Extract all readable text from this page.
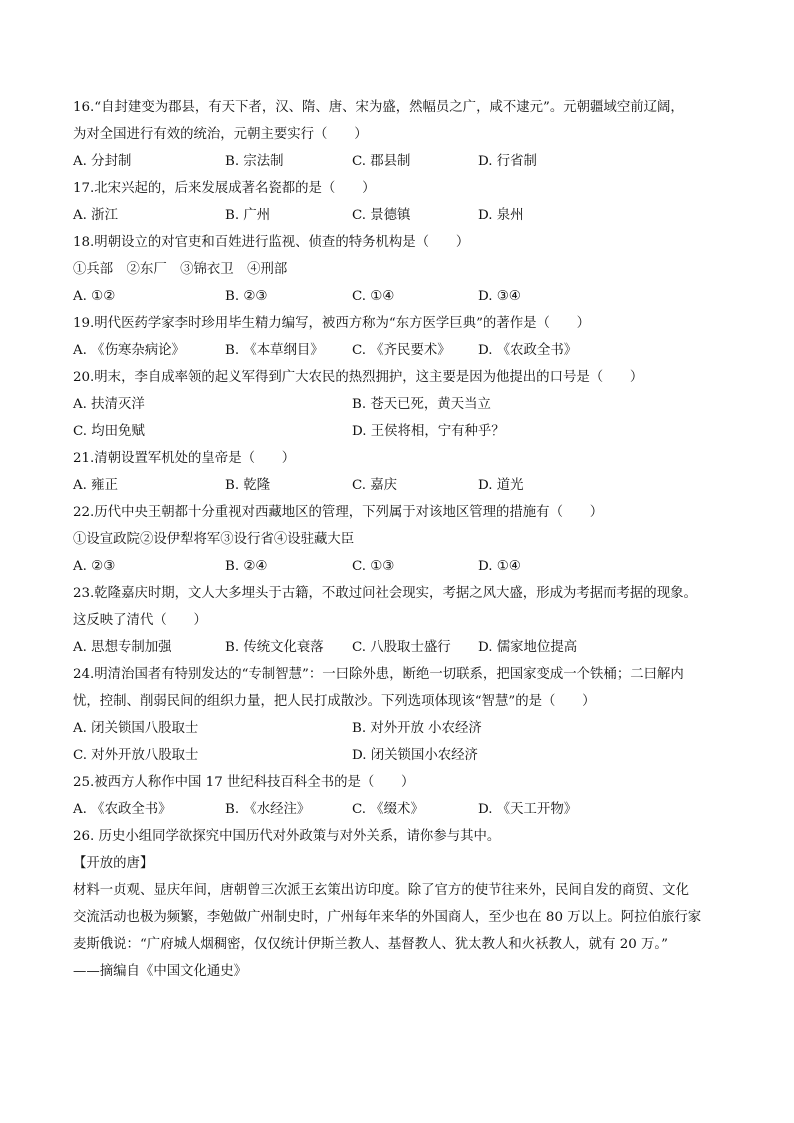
16.“自封建变为郡县，有天下者，汉、隋、唐、宋为盛，然幅员之广，咸不逮元”。元朝疆域空前辽阔，
为对全国进行有效的统治，元朝主要实行（　　）
A. 分封制	B. 宗法制	C. 郡县制	D. 行省制
17.北宋兴起的，后来发展成著名瓷都的是（　　）
A. 浙江	B. 广州	C. 景德镇	D. 泉州
18.明朝设立的对官吏和百姓进行监视、侦查的特务机构是（　　）
①兵部　②东厂　③锦衣卫　④刑部
A. ①②	B. ②③	C. ①④	D. ③④
19.明代医药学家李时珍用毕生精力编写，被西方称为“东方医学巨典”的著作是（　　）
A. 《伤寒杂病论》	B. 《本草纲目》 C. 《齐民要术》 D. 《农政全书》
20.明末，李自成率领的起义军得到广大农民的热烈拥护，这主要是因为他提出的口号是（　　）
A. 扶清灭洋	B. 苍天已死，黄天当立
C. 均田免赋	D. 王侯将相，宁有种乎？
21.清朝设置军机处的皇帝是（　　）
A. 雍正	B. 乾隆	C. 嘉庆	D. 道光
22.历代中央王朝都十分重视对西藏地区的管理，下列属于对该地区管理的措施有（　　）
①设宣政院②设伊犁将军③设行省④设驻藏大臣
A. ②③	B. ②④	C. ①③	D. ①④
23.乾隆嘉庆时期，文人大多埋头于古籍，不敢过问社会现实，考据之风大盛，形成为考据而考据的现象。
这反映了清代（　　）
A. 思想专制加强	B. 传统文化衰落 C. 八股取士盛行 D. 儒家地位提高
24.明清治国者有特别发达的“专制智慧”：一曰除外患，断绝一切联系，把国家变成一个铁桶；二曰解内
忧，控制、削弱民间的组织力量，把人民打成散沙。下列选项体现该“智慧”的是（　　）
A. 闭关锁国八股取士	B. 对外开放 小农经济
C. 对外开放八股取士	D. 闭关锁国小农经济
25.被西方人称作中国 17 世纪科技百科全书的是（　　）
A. 《农政全书》	B. 《水经注》	C. 《缀术》	D. 《天工开物》
26. 历史小组同学欲探究中国历代对外政策与对外关系，请你参与其中。
【开放的唐】
材料一贞观、显庆年间，唐朝曾三次派王玄策出访印度。除了官方的使节往来外，民间自发的商贸、文化
交流活动也极为频繁，李勉做广州制史时，广州每年来华的外国商人，至少也在 80 万以上。阿拉伯旅行家
麦斯俄说：“广府城人烟稠密，仅仅统计伊斯兰教人、基督教人、犹太教人和火袄教人，就有 20 万。”
——摘编自《中国文化通史》
